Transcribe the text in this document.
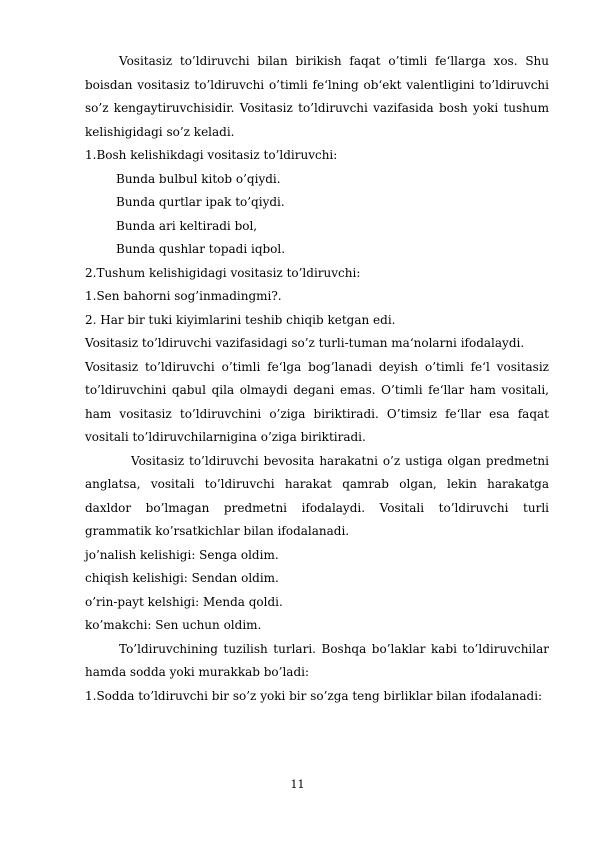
Vositasiz to’ldiruvchi bilan birikish faqat o’timli fe‘llarga xos. Shu boisdan vositasiz to’ldiruvchi o’timli fe‘lning ob‘ekt valentligini to’ldiruvchi so’z kengaytiruvchisidir. Vositasiz to’ldiruvchi vazifasida bosh yoki tushum kelishigidagi so’z keladi.

1.Bosh kelishikdagi vositasiz to’ldiruvchi:

Bunda bulbul kitob o’qiydi.

Bunda qurtlar ipak to’qiydi.

Bunda ari keltiradi bol,

Bunda qushlar topadi iqbol.

2.Tushum kelishigidagi vositasiz to’ldiruvchi:

1.Sen bahorni sog’inmadingmi?.

2. Har bir tuki kiyimlarini teshib chiqib ketgan edi.

Vositasiz to’ldiruvchi vazifasidagi so’z turli-tuman ma‘nolarni ifodalaydi.

Vositasiz to’ldiruvchi o’timli fe‘lga bog’lanadi deyish o’timli fe‘l vositasiz to’ldiruvchini qabul qila olmaydi degani emas. O’timli fe‘llar ham vositali, ham vositasiz to’ldiruvchini o’ziga biriktiradi. O’timsiz fe‘llar esa faqat vositali to’ldiruvchilarnigina o’ziga biriktiradi.

Vositasiz to’ldiruvchi bevosita harakatni o’z ustiga olgan predmetni anglatsa, vositali to’ldiruvchi harakat qamrab olgan, lekin harakatga daxldor bo’lmagan predmetni ifodalaydi. Vositali to’ldiruvchi turli grammatik ko’rsatkichlar bilan ifodalanadi.

jo’nalish kelishigi: Senga oldim.

chiqish kelishigi: Sendan oldim.

o’rin-payt kelshigi: Menda qoldi.

ko’makchi: Sen uchun oldim.

To’ldiruvchining tuzilish turlari. Boshqa bo’laklar kabi to’ldiruvchilar hamda sodda yoki murakkab bo’ladi:

1.Sodda to’ldiruvchi bir so’z yoki bir so’zga teng birliklar bilan ifodalanadi:

11
